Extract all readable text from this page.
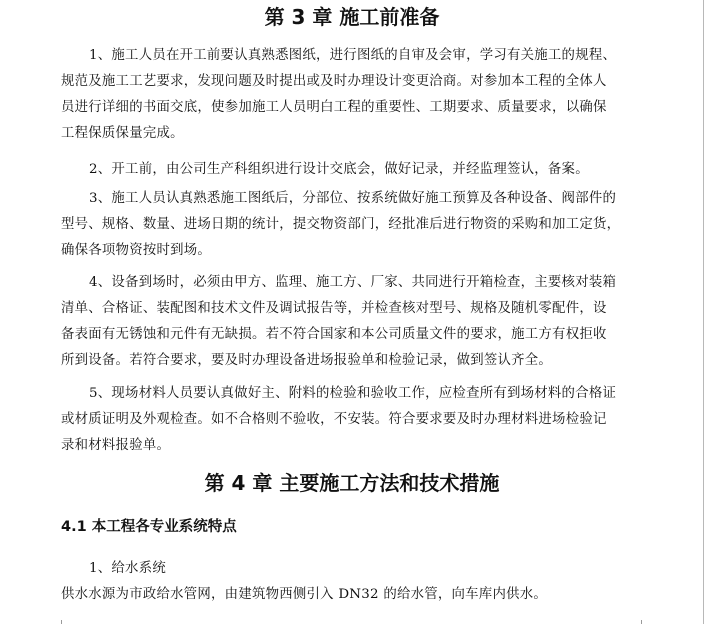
第 3 章 施工前准备
1、施工人员在开工前要认真熟悉图纸，进行图纸的自审及会审，学习有关施工的规程、
规范及施工工艺要求，发现问题及时提出或及时办理设计变更洽商。对参加本工程的全体人
员进行详细的书面交底，使参加施工人员明白工程的重要性、工期要求、质量要求，以确保
工程保质保量完成。
2、开工前，由公司生产科组织进行设计交底会，做好记录，并经监理签认，备案。
3、施工人员认真熟悉施工图纸后，分部位、按系统做好施工预算及各种设备、阀部件的
型号、规格、数量、进场日期的统计，提交物资部门，经批准后进行物资的采购和加工定货，
确保各项物资按时到场。
4、设备到场时，必须由甲方、监理、施工方、厂家、共同进行开箱检查，主要核对装箱
清单、合格证、装配图和技术文件及调试报告等，并检查核对型号、规格及随机零配件，设
备表面有无锈蚀和元件有无缺损。若不符合国家和本公司质量文件的要求，施工方有权拒收
所到设备。若符合要求，要及时办理设备进场报验单和检验记录，做到签认齐全。
5、现场材料人员要认真做好主、附料的检验和验收工作，应检查所有到场材料的合格证
或材质证明及外观检查。如不合格则不验收，不安装。符合要求要及时办理材料进场检验记
录和材料报验单。
第 4 章 主要施工方法和技术措施
4.1 本工程各专业系统特点
1、给水系统
供水水源为市政给水管网，由建筑物西侧引入 DN32 的给水管，向车库内供水。
